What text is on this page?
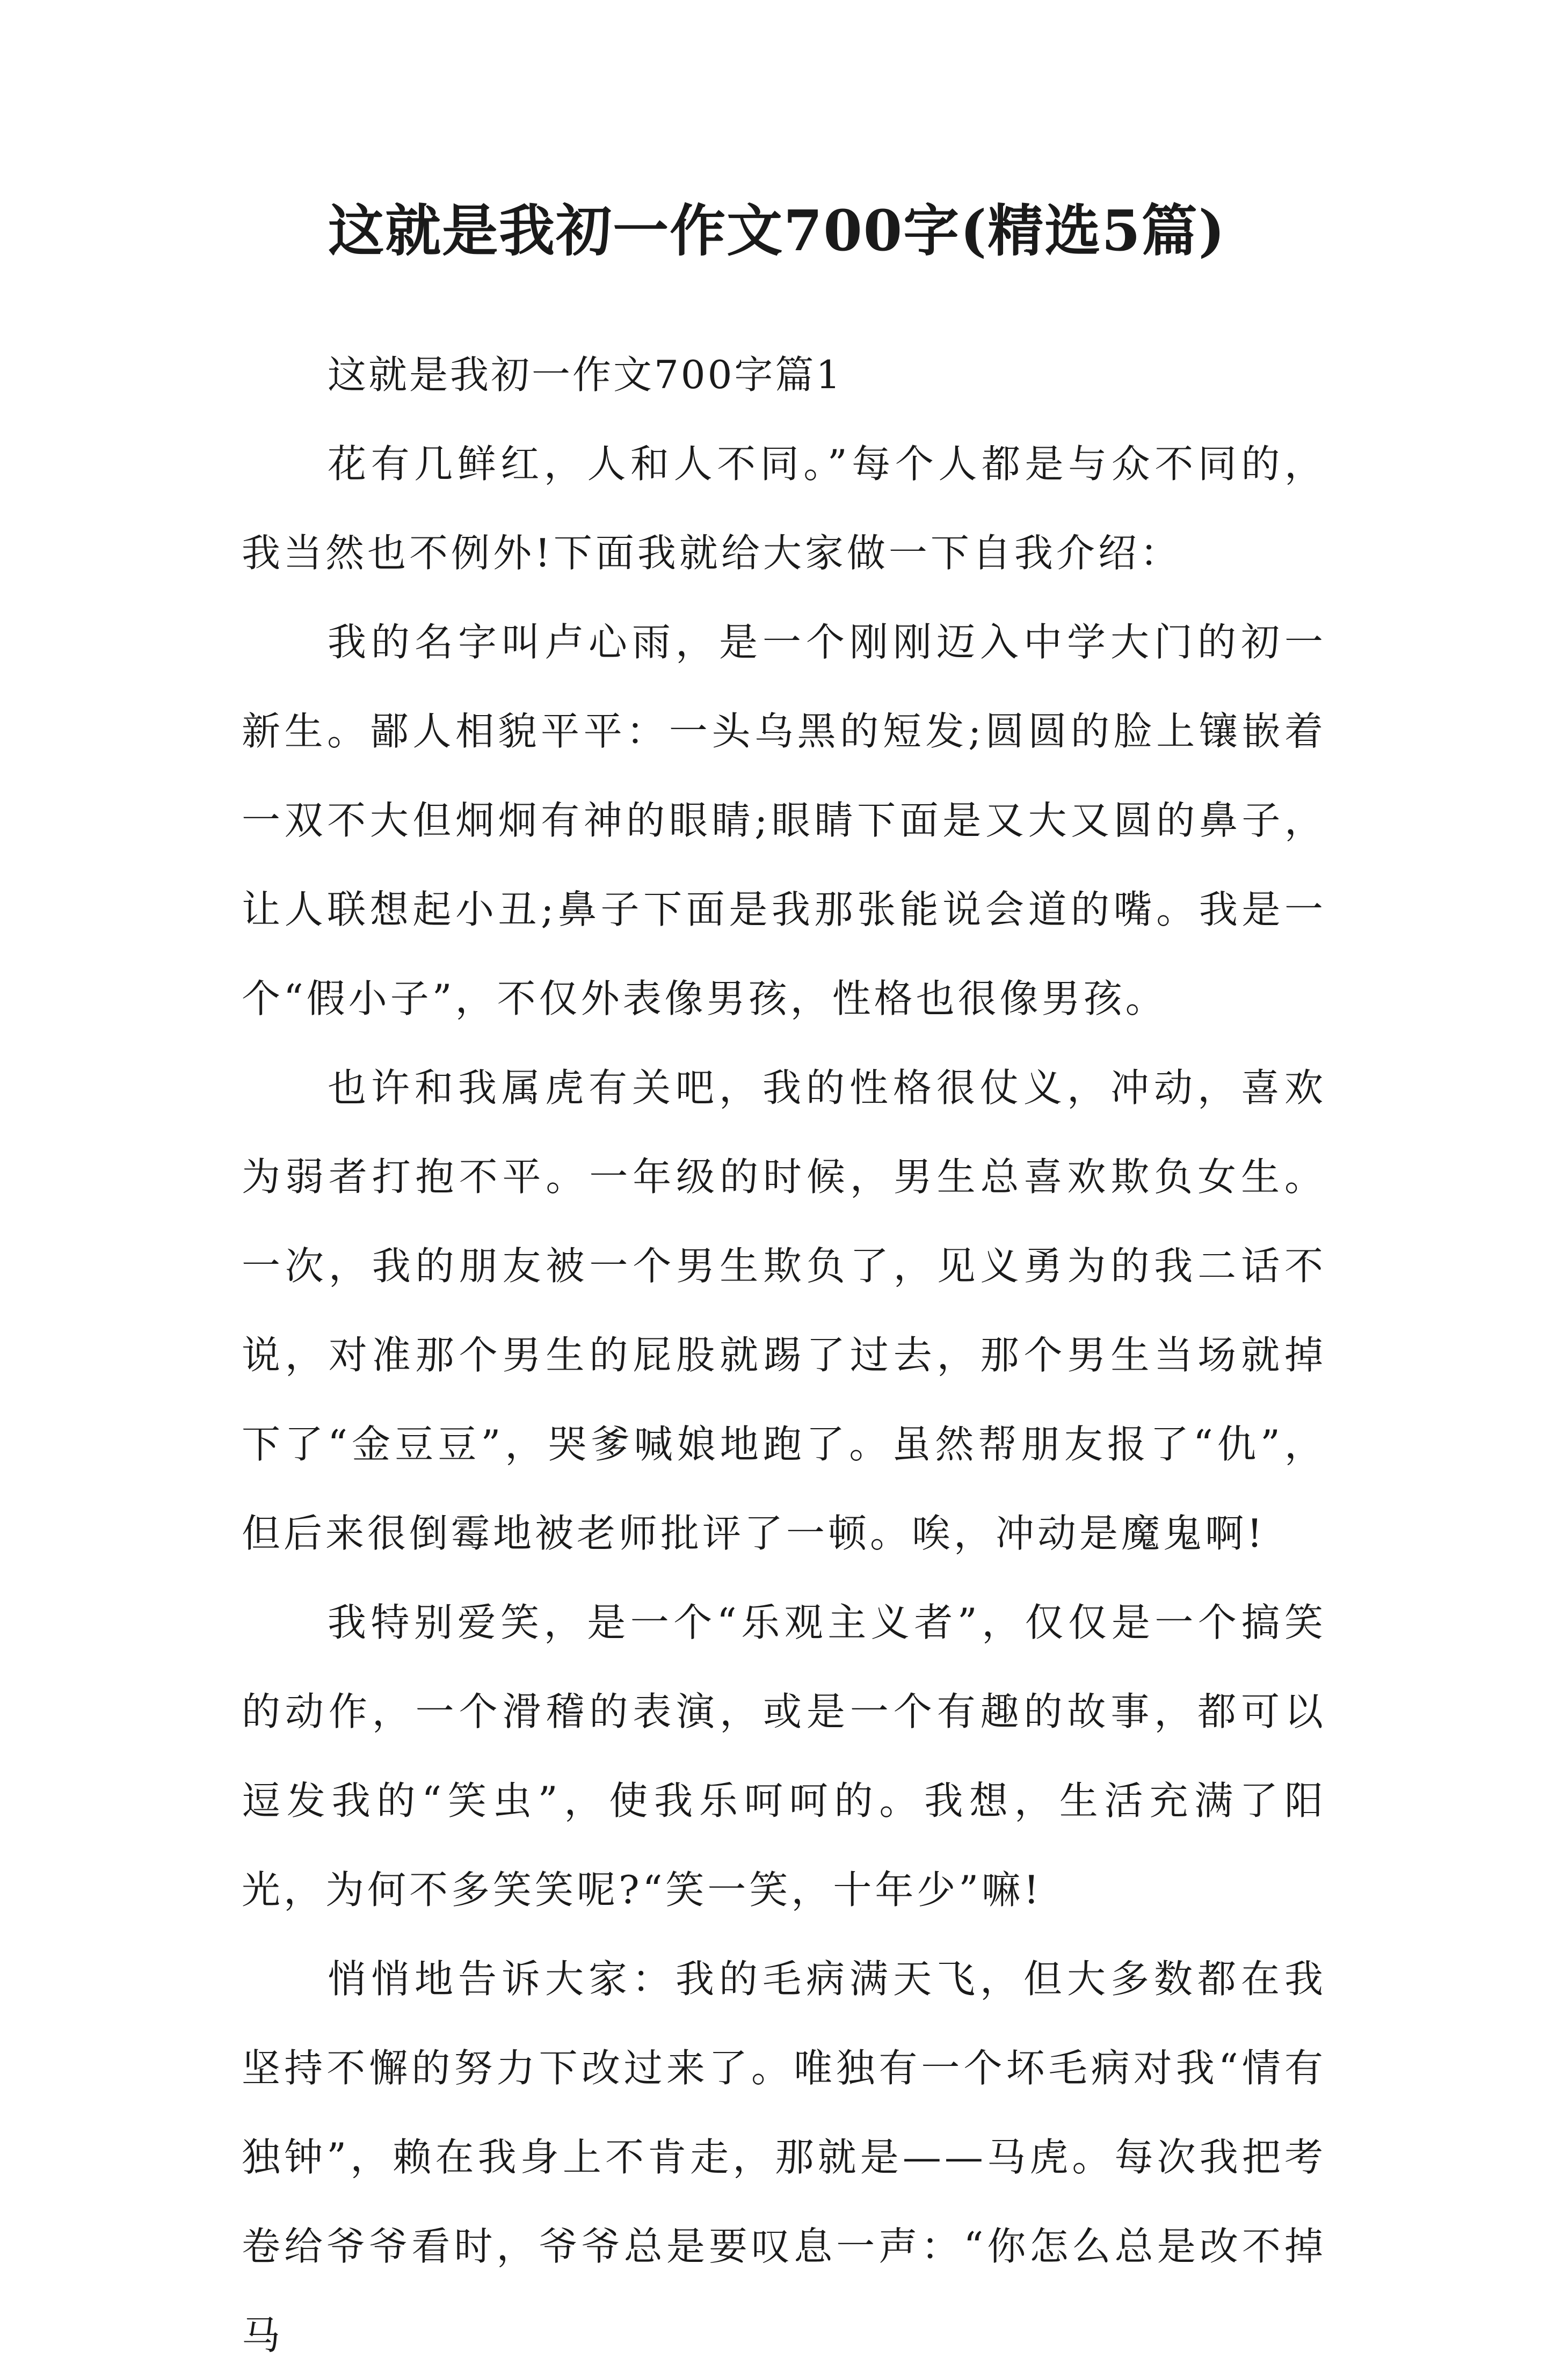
这就是我初一作文700字(精选5篇)

这就是我初一作文700字篇1

花有几鲜红，人和人不同。”每个人都是与众不同的，我当然也不例外!下面我就给大家做一下自我介绍：

我的名字叫卢心雨，是一个刚刚迈入中学大门的初一新生。鄙人相貌平平：一头乌黑的短发;圆圆的脸上镶嵌着一双不大但炯炯有神的眼睛;眼睛下面是又大又圆的鼻子，让人联想起小丑;鼻子下面是我那张能说会道的嘴。我是一个“假小子”，不仅外表像男孩，性格也很像男孩。

也许和我属虎有关吧，我的性格很仗义，冲动，喜欢为弱者打抱不平。一年级的时候，男生总喜欢欺负女生。一次，我的朋友被一个男生欺负了，见义勇为的我二话不说，对准那个男生的屁股就踢了过去，那个男生当场就掉下了“金豆豆”，哭爹喊娘地跑了。虽然帮朋友报了“仇”，但后来很倒霉地被老师批评了一顿。唉，冲动是魔鬼啊!

我特别爱笑，是一个“乐观主义者”，仅仅是一个搞笑的动作，一个滑稽的表演，或是一个有趣的故事，都可以逗发我的“笑虫”，使我乐呵呵的。我想，生活充满了阳光，为何不多笑笑呢?“笑一笑，十年少”嘛!

悄悄地告诉大家：我的毛病满天飞，但大多数都在我坚持不懈的努力下改过来了。唯独有一个坏毛病对我“情有独钟”，赖在我身上不肯走，那就是——马虎。每次我把考卷给爷爷看时，爷爷总是要叹息一声：“你怎么总是改不掉马
